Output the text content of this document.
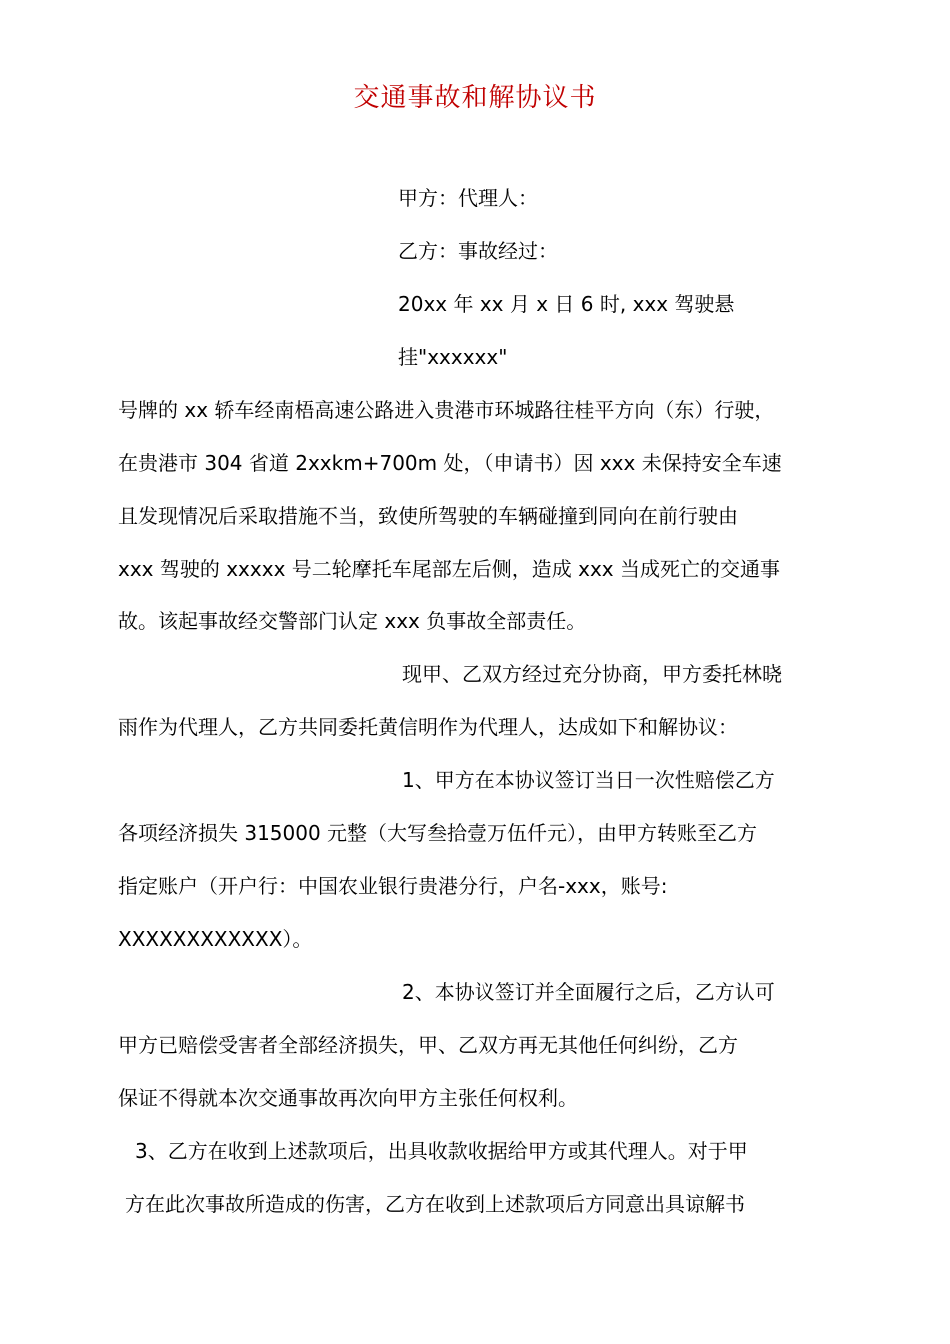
交通事故和解协议书
甲方：代理人：
乙方：事故经过：
20xx 年 xx 月 x 日 6 时, xxx 驾驶悬
挂"xxxxxx"
号牌的 xx 轿车经南梧高速公路进入贵港市环城路往桂平方向（东）行驶，
在贵港市 304 省道 2xxkm+700m 处，（申请书）因 xxx 未保持安全车速
且发现情况后采取措施不当，致使所驾驶的车辆碰撞到同向在前行驶由
xxx 驾驶的 xxxxx 号二轮摩托车尾部左后侧，造成 xxx 当成死亡的交通事
故。该起事故经交警部门认定 xxx 负事故全部责任。
现甲、乙双方经过充分协商，甲方委托林晓
雨作为代理人，乙方共同委托黄信明作为代理人，达成如下和解协议：
1、甲方在本协议签订当日一次性赔偿乙方
各项经济损失 315000 元整（大写叁拾壹万伍仟元），由甲方转账至乙方
指定账户（开户行：中国农业银行贵港分行，户名-xxx，账号:
XXXXXXXXXXXX）。
2、本协议签订并全面履行之后，乙方认可
甲方已赔偿受害者全部经济损失，甲、乙双方再无其他任何纠纷，乙方
保证不得就本次交通事故再次向甲方主张任何权利。
3、乙方在收到上述款项后，出具收款收据给甲方或其代理人。对于甲
方在此次事故所造成的伤害，乙方在收到上述款项后方同意出具谅解书
